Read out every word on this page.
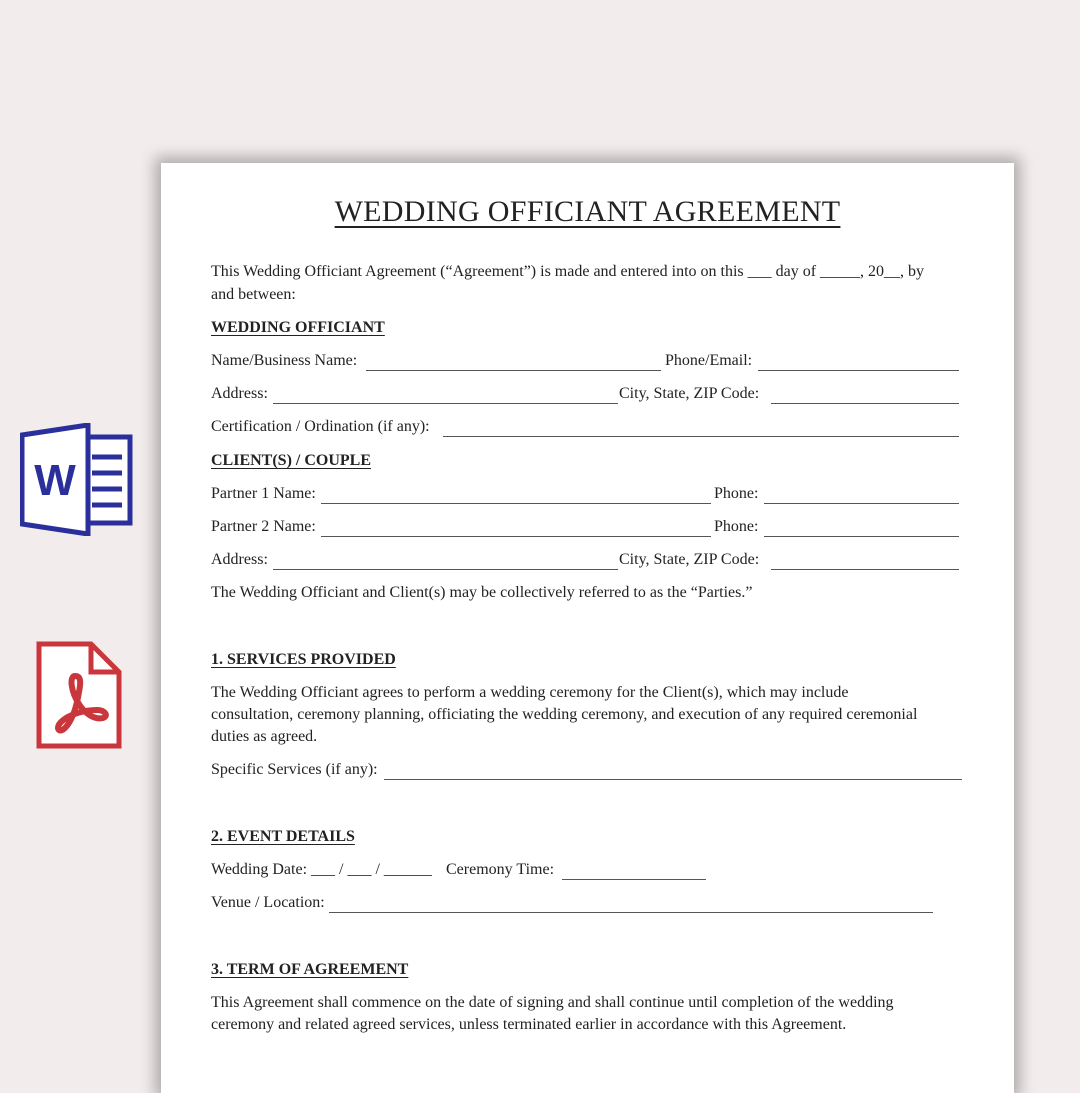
W
WEDDING OFFICIANT AGREEMENT
This Wedding Officiant Agreement (“Agreement”) is made and entered into on this ___ day of _____, 20__, by
and between:
WEDDING OFFICIANT
Name/Business Name:	Phone/Email:
Address:	City, State, ZIP Code:
Certification / Ordination (if any):
CLIENT(S) / COUPLE
Partner 1 Name:	Phone:
Partner 2 Name:	Phone:
Address:	City, State, ZIP Code:
The Wedding Officiant and Client(s) may be collectively referred to as the “Parties.”
1. SERVICES PROVIDED
The Wedding Officiant agrees to perform a wedding ceremony for the Client(s), which may include
consultation, ceremony planning, officiating the wedding ceremony, and execution of any required ceremonial
duties as agreed.
Specific Services (if any):
2. EVENT DETAILS
Wedding Date: ___ / ___ / ______ Ceremony Time:
Venue / Location:
3. TERM OF AGREEMENT
This Agreement shall commence on the date of signing and shall continue until completion of the wedding
ceremony and related agreed services, unless terminated earlier in accordance with this Agreement.
